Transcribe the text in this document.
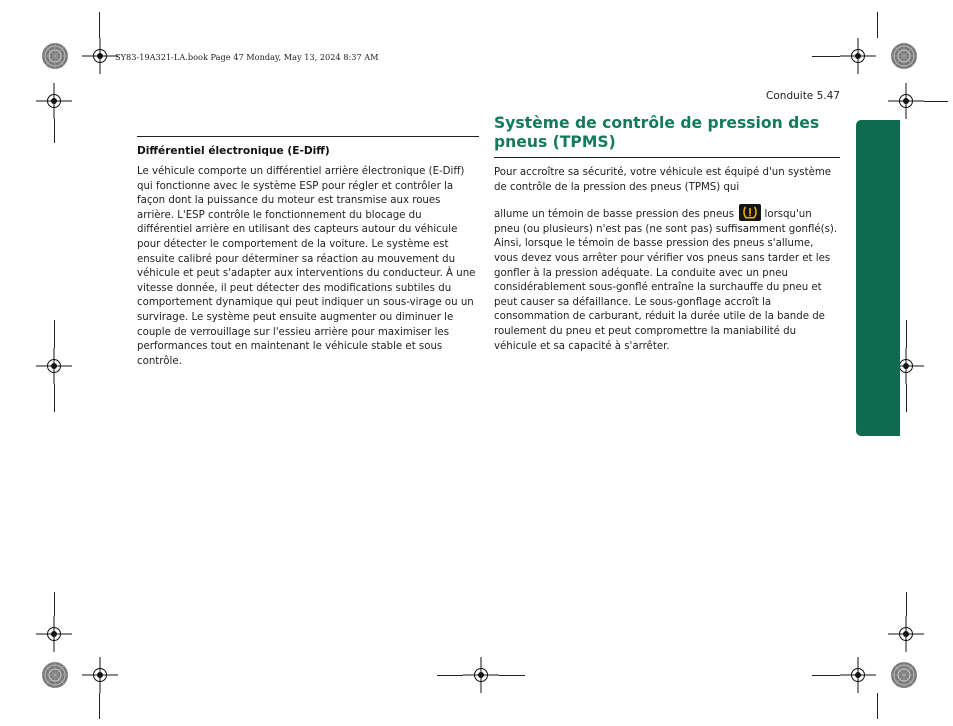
SY83-19A321-LA.book Page 47 Monday, May 13, 2024 8:37 AM
Conduite 5.47
Différentiel électronique (E-Diff)

Le véhicule comporte un différentiel arrière électronique (E-Diff) qui fonctionne avec le système ESP pour régler et contrôler la façon dont la puissance du moteur est transmise aux roues arrière. L'ESP contrôle le fonctionnement du blocage du différentiel arrière en utilisant des capteurs autour du véhicule pour détecter le comportement de la voiture. Le système est ensuite calibré pour déterminer sa réaction au mouvement du véhicule et peut s'adapter aux interventions du conducteur. À une vitesse donnée, il peut détecter des modifications subtiles du comportement dynamique qui peut indiquer un sous-virage ou un survirage. Le système peut ensuite augmenter ou diminuer le couple de verrouillage sur l'essieu arrière pour maximiser les performances tout en maintenant le véhicule stable et sous contrôle.

Système de contrôle de pression des pneus (TPMS)

Pour accroître sa sécurité, votre véhicule est équipé d'un système de contrôle de la pression des pneus (TPMS) qui

allume un témoin de basse pression des pneus	lorsqu'un pneu (ou plusieurs) n'est pas (ne sont pas) suffisamment gonflé(s). Ainsi, lorsque le témoin de basse pression des pneus s'allume, vous devez vous arrêter pour vérifier vos pneus sans tarder et les gonfler à la pression adéquate. La conduite avec un pneu considérablement sous-gonflé entraîne la surchauffe du pneu et peut causer sa défaillance. Le sous-gonflage accroît la consommation de carburant, réduit la durée utile de la bande de roulement du pneu et peut compromettre la maniabilité du véhicule et sa capacité à s'arrêter.
